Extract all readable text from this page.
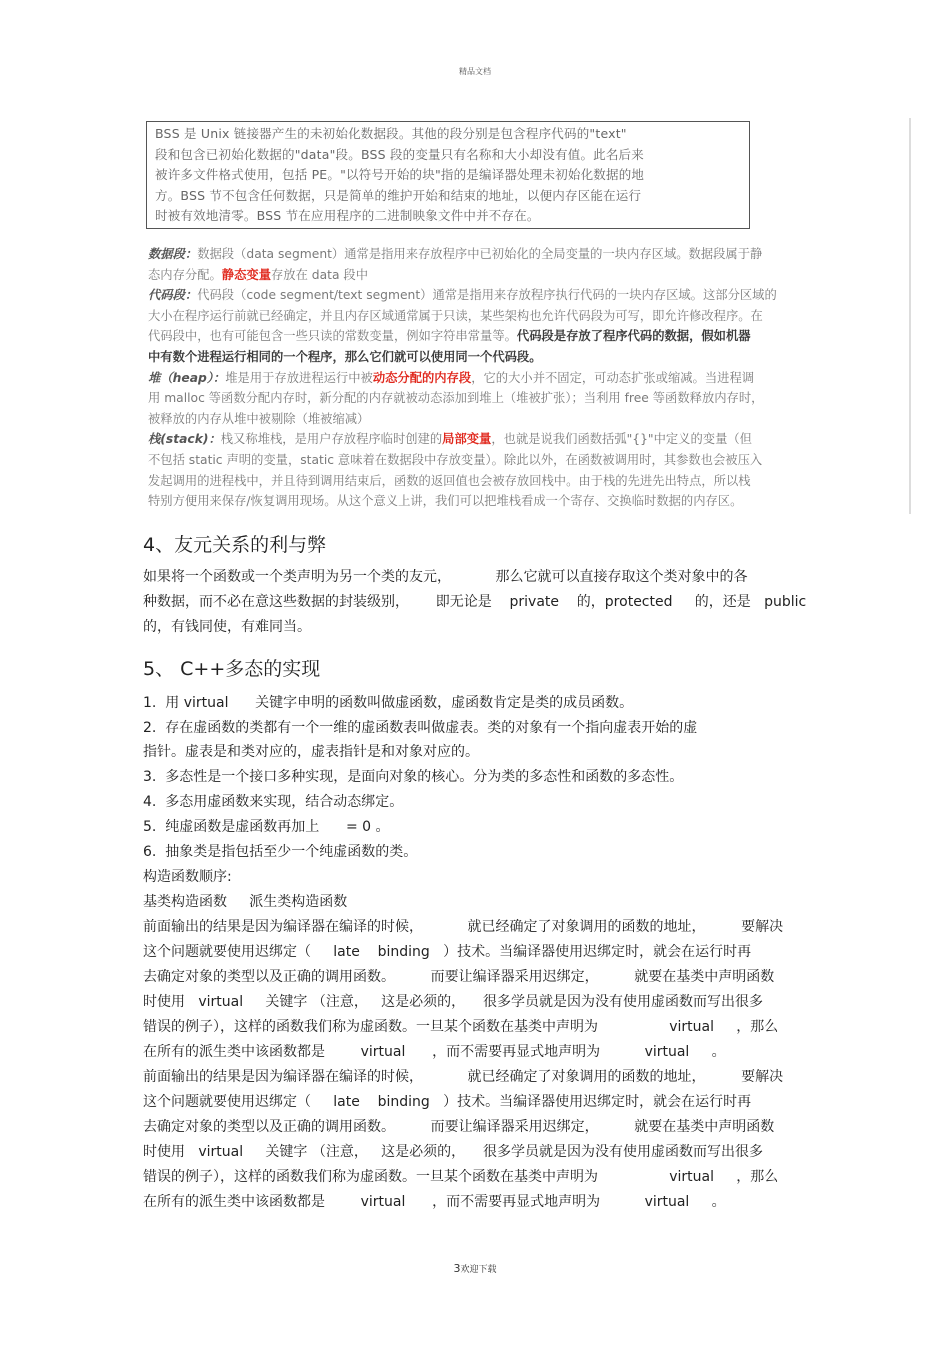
精品文档

BSS 是 Unix 链接器产生的未初始化数据段。其他的段分别是包含程序代码的"text"

段和包含已初始化数据的"data"段。BSS 段的变量只有名称和大小却没有值。此名后来

被许多文件格式使用，包括 PE。"以符号开始的块"指的是编译器处理未初始化数据的地

方。BSS 节不包含任何数据，只是简单的维护开始和结束的地址，以便内存区能在运行

时被有效地清零。BSS 节在应用程序的二进制映象文件中并不存在。

数据段：数据段（data segment）通常是指用来存放程序中已初始化的全局变量的一块内存区域。数据段属于静

态内存分配。静态变量存放在 data 段中

代码段：代码段（code segment/text segment）通常是指用来存放程序执行代码的一块内存区域。这部分区域的

大小在程序运行前就已经确定，并且内存区域通常属于只读，某些架构也允许代码段为可写，即允许修改程序。在

代码段中，也有可能包含一些只读的常数变量，例如字符串常量等。代码段是存放了程序代码的数据，假如机器

中有数个进程运行相同的一个程序，那么它们就可以使用同一个代码段。

堆（heap）：堆是用于存放进程运行中被动态分配的内存段，它的大小并不固定，可动态扩张或缩减。当进程调

用 malloc 等函数分配内存时，新分配的内存就被动态添加到堆上（堆被扩张）；当利用 free 等函数释放内存时，

被释放的内存从堆中被剔除（堆被缩减）

栈(stack)：栈又称堆栈，是用户存放程序临时创建的局部变量，也就是说我们函数括弧"{}"中定义的变量（但

不包括 static 声明的变量，static 意味着在数据段中存放变量）。除此以外，在函数被调用时，其参数也会被压入

发起调用的进程栈中，并且待到调用结束后，函数的返回值也会被存放回栈中。由于栈的先进先出特点，所以栈

特别方便用来保存/恢复调用现场。从这个意义上讲，我们可以把堆栈看成一个寄存、交换临时数据的内存区。

4、友元关系的利与弊

如果将一个函数或一个类声明为另一个类的友元，          那么它就可以直接存取这个类对象中的各

种数据，而不必在意这些数据的封装级别，      即无论是    private    的，protected     的，还是   public

的，有钱同使，有难同当。

5、 C++多态的实现

1.  用 virtual      关键字申明的函数叫做虚函数，虚函数肯定是类的成员函数。

2.  存在虚函数的类都有一个一维的虚函数表叫做虚表。类的对象有一个指向虚表开始的虚

指针。虚表是和类对应的，虚表指针是和对象对应的。

3.  多态性是一个接口多种实现，是面向对象的核心。分为类的多态性和函数的多态性。

4.  多态用虚函数来实现，结合动态绑定。

5.  纯虚函数是虚函数再加上      = 0 。

6.  抽象类是指包括至少一个纯虚函数的类。

构造函数顺序:

基类构造函数     派生类构造函数

前面输出的结果是因为编译器在编译的时候，          就已经确定了对象调用的函数的地址，        要解决

这个问题就要使用迟绑定（     late    binding   ）技术。当编译器使用迟绑定时，就会在运行时再

去确定对象的类型以及正确的调用函数。        而要让编译器采用迟绑定，        就要在基类中声明函数

时使用   virtual     关键字 （注意，   这是必须的，    很多学员就是因为没有使用虚函数而写出很多

错误的例子），这样的函数我们称为虚函数。一旦某个函数在基类中声明为                virtual     ，那么

在所有的派生类中该函数都是        virtual      ，而不需要再显式地声明为          virtual     。

前面输出的结果是因为编译器在编译的时候，          就已经确定了对象调用的函数的地址，        要解决

这个问题就要使用迟绑定（     late    binding   ）技术。当编译器使用迟绑定时，就会在运行时再

去确定对象的类型以及正确的调用函数。        而要让编译器采用迟绑定，        就要在基类中声明函数

时使用   virtual     关键字 （注意，   这是必须的，    很多学员就是因为没有使用虚函数而写出很多

错误的例子），这样的函数我们称为虚函数。一旦某个函数在基类中声明为                virtual     ，那么

在所有的派生类中该函数都是        virtual      ，而不需要再显式地声明为          virtual     。

3欢迎下载
